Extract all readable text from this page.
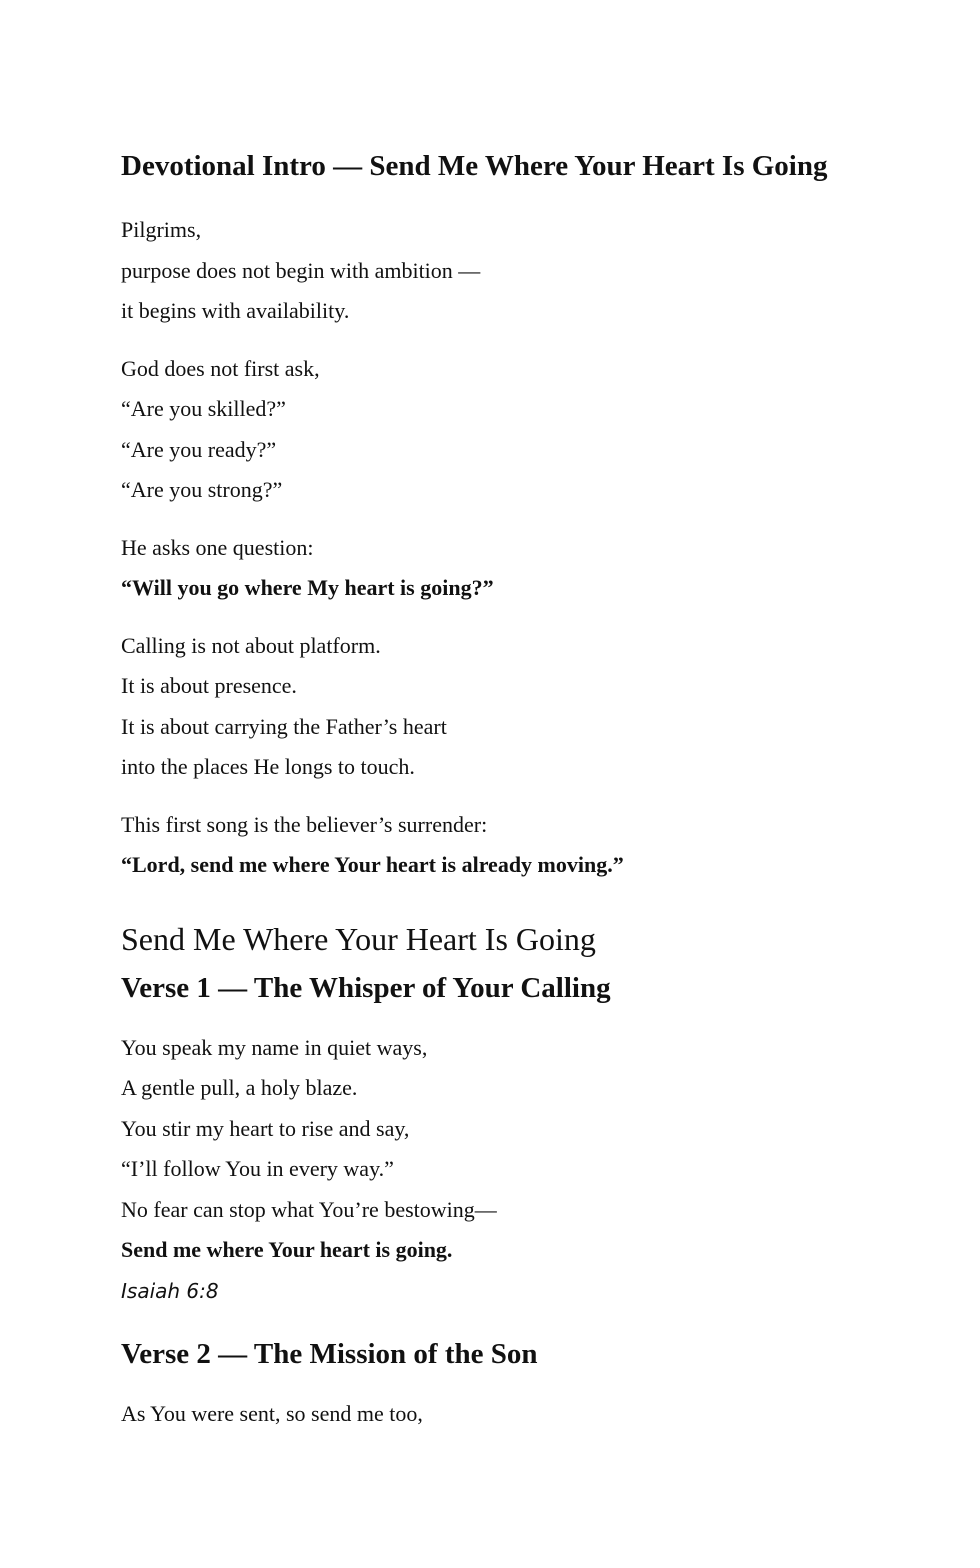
Devotional Intro — Send Me Where Your Heart Is Going
Pilgrims,
purpose does not begin with ambition —
it begins with availability.
God does not first ask,
“Are you skilled?”
“Are you ready?”
“Are you strong?”
He asks one question:
“Will you go where My heart is going?”
Calling is not about platform.
It is about presence.
It is about carrying the Father’s heart
into the places He longs to touch.
This first song is the believer’s surrender:
“Lord, send me where Your heart is already moving.”
Send Me Where Your Heart Is Going
Verse 1 — The Whisper of Your Calling
You speak my name in quiet ways,
A gentle pull, a holy blaze.
You stir my heart to rise and say,
“I’ll follow You in every way.”
No fear can stop what You’re bestowing—
Send me where Your heart is going.
Isaiah 6:8
Verse 2 — The Mission of the Son
As You were sent, so send me too,
